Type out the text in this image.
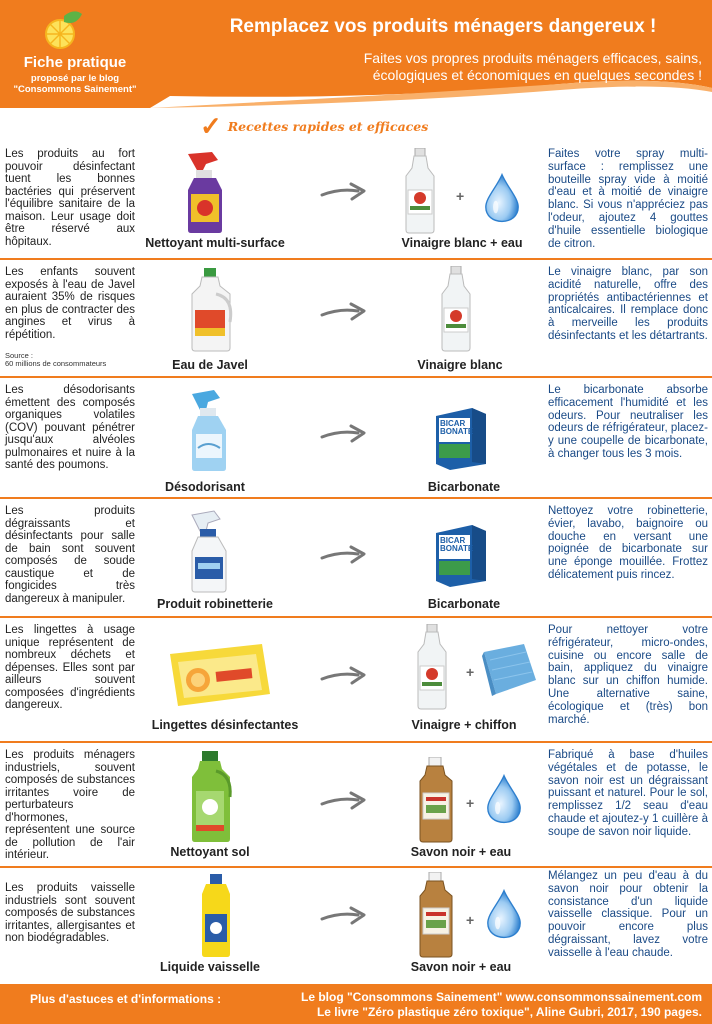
Fiche pratique
proposé par le blog
"Consommons Sainement"
Remplacez vos produits ménagers dangereux !
Faites vos propres produits ménagers efficaces, sains,
écologiques et économiques en quelques secondes !
✓ Recettes rapides et efficaces
Les produits au fort pouvoir désinfectant tuent les bonnes bactéries qui préservent l'équilibre sanitaire de la maison. Leur usage doit être réservé aux hôpitaux.	Nettoyant multi-surface
+
Vinaigre blanc + eau
Faites votre spray multi-surface : remplissez une bouteille spray vide à moitié d'eau et à moitié de vinaigre blanc. Si vous n'appréciez pas l'odeur, ajoutez 4 gouttes d'huile essentielle biologique de citron.
Les enfants souvent exposés à l'eau de Javel auraient 35% de risques en plus de contracter des angines et virus à répétition.
Source :
60 millions de consommateurs	Eau de Javel	Vinaigre blanc
Le vinaigre blanc, par son acidité naturelle, offre des propriétés antibactériennes et anticalcaires. Il remplace donc à merveille les produits désinfectants et les détartrants.
Les désodorisants émettent des composés organiques volatiles (COV) pouvant pénétrer jusqu'aux alvéoles pulmonaires et nuire à la santé des poumons.
Désodorisant
BICAR
BONATE
Bicarbonate
Le bicarbonate absorbe efficacement l'humidité et les odeurs. Pour neutraliser les odeurs de réfrigérateur, placez-y une coupelle de bicarbonate, à changer tous les 3 mois.
Les produits dégraissants et désinfectants pour salle de bain sont souvent composés de soude caustique et de fongicides très dangereux à manipuler.	Produit robinetterie
BICAR
BONATE
Bicarbonate
Nettoyez votre robinetterie, évier, lavabo, baignoire ou douche en versant une poignée de bicarbonate sur une éponge mouillée. Frottez délicatement puis rincez.
Les lingettes à usage unique représentent de nombreux déchets et dépenses. Elles sont par ailleurs souvent composées d'ingrédients dangereux.
Lingettes désinfectantes
+
Vinaigre + chiffon
Pour nettoyer votre réfrigérateur, micro-ondes, cuisine ou encore salle de bain, appliquez du vinaigre blanc sur un chiffon humide. Une alternative saine, écologique et (très) bon marché.
Les produits ménagers industriels, souvent composés de substances irritantes voire de perturbateurs d'hormones, représentent une source de pollution de l'air intérieur.	Nettoyant sol
+
Savon noir + eau
Fabriqué à base d'huiles végétales et de potasse, le savon noir est un dégraissant puissant et naturel. Pour le sol, remplissez 1/2 seau d'eau chaude et ajoutez-y 1 cuillère à soupe de savon noir liquide.
Les produits vaisselle industriels sont souvent composés de substances irritantes, allergisantes et non biodégradables.
Liquide vaisselle
+
Savon noir + eau
Mélangez un peu d'eau à du savon noir pour obtenir la consistance d'un liquide vaisselle classique. Pour un pouvoir encore plus dégraissant, lavez votre vaisselle à l'eau chaude.
Plus d'astuces et d'informations :	Le blog "Consommons Sainement" www.consommonssainement.com
Le livre "Zéro plastique zéro toxique", Aline Gubri, 2017, 190 pages.
